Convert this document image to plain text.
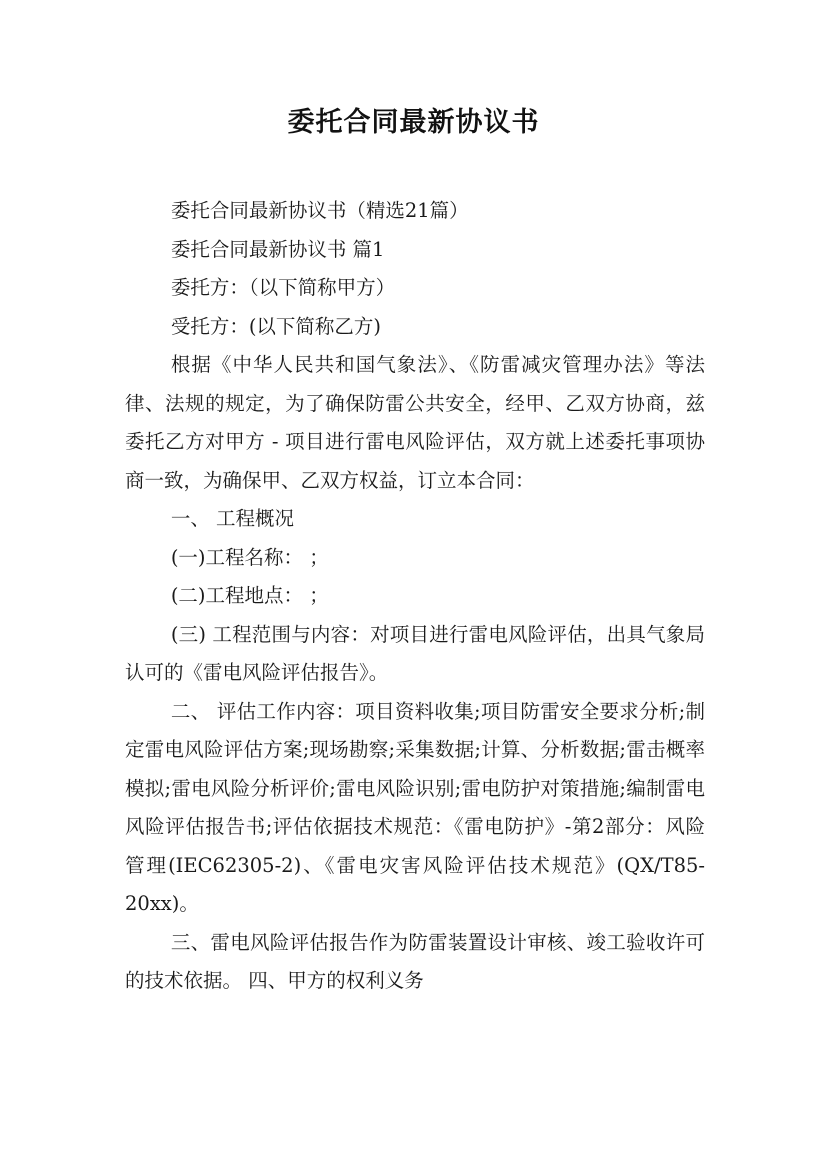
委托合同最新协议书

委托合同最新协议书（精选21篇）

委托合同最新协议书 篇1

委托方：（以下简称甲方）

受托方：(以下简称乙方)

根据《中华人民共和国气象法》、《防雷减灾管理办法》等法律、法规的规定，为了确保防雷公共安全，经甲、乙双方协商，兹委托乙方对甲方 - 项目进行雷电风险评估，双方就上述委托事项协商一致，为确保甲、乙双方权益，订立本合同：

一、 工程概况

(一)工程名称： ；

(二)工程地点： ；

(三) 工程范围与内容：对项目进行雷电风险评估，出具气象局认可的《雷电风险评估报告》。

二、 评估工作内容：项目资料收集;项目防雷安全要求分析;制定雷电风险评估方案;现场勘察;采集数据;计算、分析数据;雷击概率模拟;雷电风险分析评价;雷电风险识别;雷电防护对策措施;编制雷电风险评估报告书;评估依据技术规范：《雷电防护》-第2部分：风险管理(IEC62305-2)、《雷电灾害风险评估技术规范》(QX/T85-20xx)。

三、雷电风险评估报告作为防雷装置设计审核、竣工验收许可的技术依据。 四、甲方的权利义务
